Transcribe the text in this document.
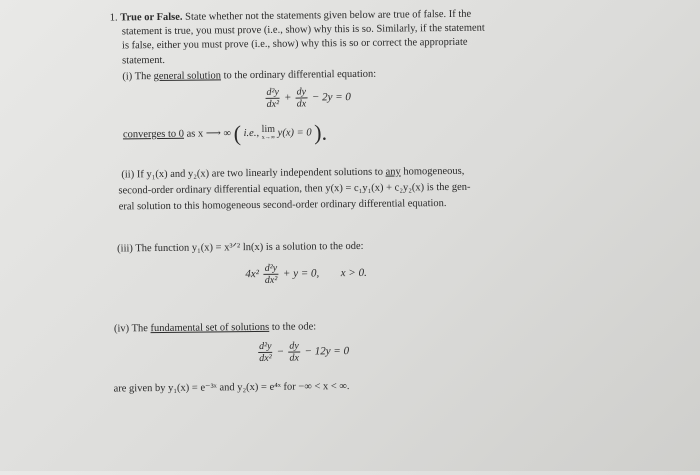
1. True or False. State whether not the statements given below are true of false. If the
statement is true, you must prove (i.e., show) why this is so. Similarly, if the statement
is false, either you must prove (i.e., show) why this is so or correct the appropriate
statement.
(i) The general solution to the ordinary differential equation:
$\frac{\text{d²y}}{\text{dx²}} + \frac{dy}{dx} - 2y = 0$
converges to 0 as x ⟶ ∞ ( i.e., lim
x→∞ y(x) = 0 ).
(ii) If y₁(x) and y₂(x) are two linearly independent solutions to any homogeneous,
second-order ordinary differential equation, then y(x) = c₁y₁(x) + c₂y₂(x) is the gen-
eral solution to this homogeneous second-order ordinary differential equation.
(iii) The function y₁(x) = x³ᐟ² ln(x) is a solution to the ode:
$4x^2 \frac{\text{d²y}}{\text{dx²}} + y = 0$, x > 0.
(iv) The fundamental set of solutions to the ode:
$\frac{\text{d²y}}{\text{dx²}} - \frac{dy}{dx} - 12y = 0$
are given by y₁(x) = e⁻³ˣ and y₂(x) = e⁴ˣ for −∞ < x < ∞.
